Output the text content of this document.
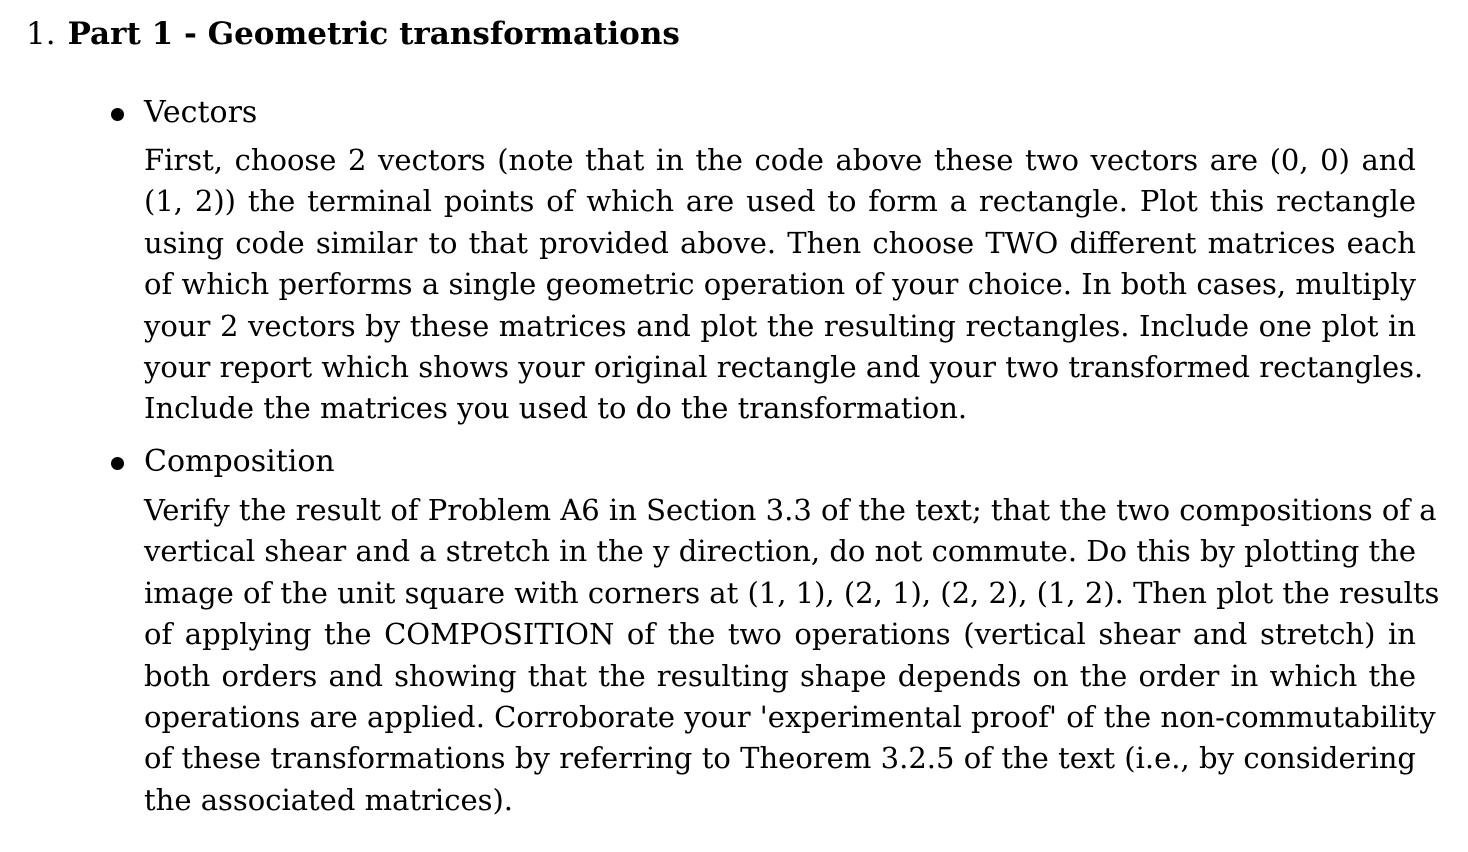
1. Part 1 - Geometric transformations
Vectors
First, choose 2 vectors (note that in the code above these two vectors are (0, 0) and
(1, 2)) the terminal points of which are used to form a rectangle. Plot this rectangle
using code similar to that provided above. Then choose TWO different matrices each
of which performs a single geometric operation of your choice. In both cases, multiply
your 2 vectors by these matrices and plot the resulting rectangles. Include one plot in
your report which shows your original rectangle and your two transformed rectangles.
Include the matrices you used to do the transformation.
Composition
Verify the result of Problem A6 in Section 3.3 of the text; that the two compositions of a
vertical shear and a stretch in the y direction, do not commute. Do this by plotting the
image of the unit square with corners at (1, 1), (2, 1), (2, 2), (1, 2). Then plot the results
of applying the COMPOSITION of the two operations (vertical shear and stretch) in
both orders and showing that the resulting shape depends on the order in which the
operations are applied. Corroborate your 'experimental proof' of the non-commutability
of these transformations by referring to Theorem 3.2.5 of the text (i.e., by considering
the associated matrices).
